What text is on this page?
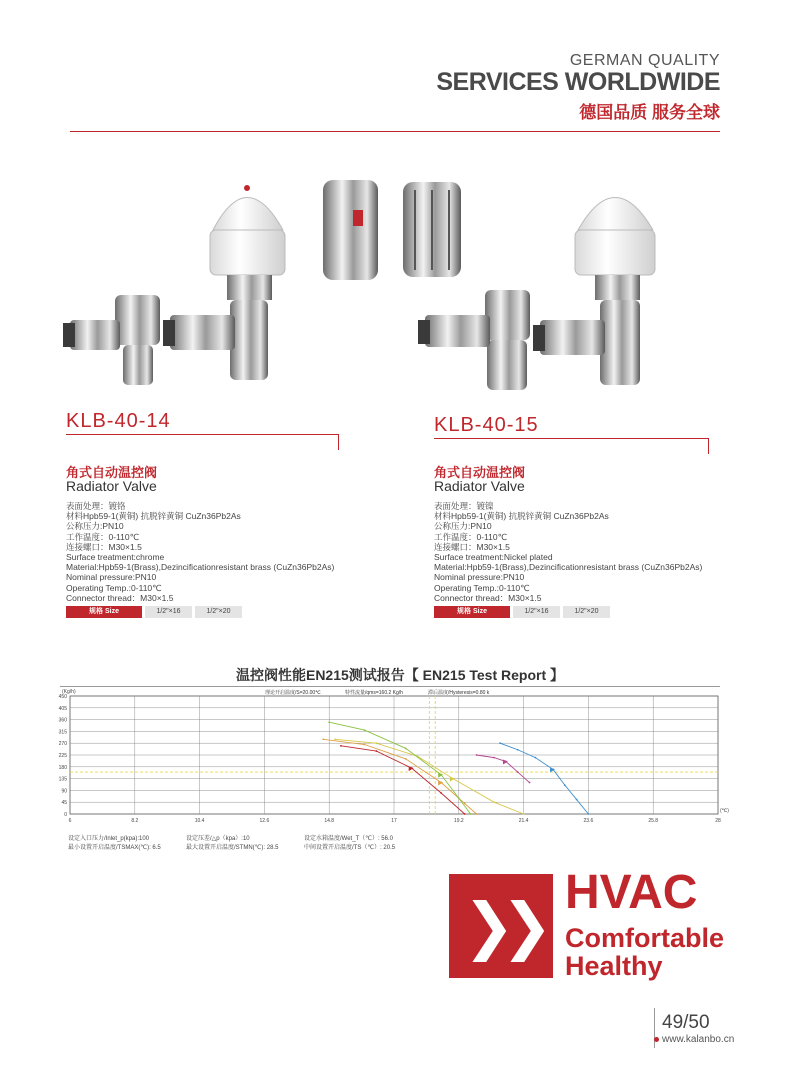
GERMAN QUALITY
SERVICES WORLDWIDE
德国品质 服务全球
KLB-40-14
角式自动温控阀
Radiator Valve
表面处理：镀铬
材料Hpb59-1(黄铜) 抗脱锌黄铜 CuZn36Pb2As
公称压力:PN10
工作温度：0-110℃
连接螺口：M30×1.5
Surface treatment:chrome
Material:Hpb59-1(Brass),Dezincificationresistant brass (CuZn36Pb2As)
Nominal pressure:PN10
Operating Temp.:0-110℃
Connector thread：M30×1.5
规格 Size	1/2"×16	1/2"×20
KLB-40-15
角式自动温控阀
Radiator Valve
表面处理：镀镍
材料Hpb59-1(黄铜) 抗脱锌黄铜 CuZn36Pb2As
公称压力:PN10
工作温度：0-110℃
连接螺口：M30×1.5
Surface treatment:Nickel plated
Material:Hpb59-1(Brass),Dezincificationresistant brass (CuZn36Pb2As)
Nominal pressure:PN10
Operating Temp.:0-110℃
Connector thread：M30×1.5
规格 Size	1/2"×16	1/2"×20
温控阀性能EN215测试报告【 EN215 Test Report 】
0
45
90
135
180
225
270
315
360
405
450
6	8.2	10.4	12.6	14.8	17	19.2	21.4	23.6	25.8	28
(Kg/h)
(℃)
理论开启温度/S=20.00℃	特性流量/qms=160.2 Kg/h	滞后温度/Hysteresis=0.80 k
设定入口压力/Inlet_p(kpa):100	设定压差/△p（kpa）:10	设定水箱温度/Wet_T（℃）: 56.0
最小设置开启温度/TSMAX(℃): 6.5	最大设置开启温度/STMN(℃): 28.5	中间设置开启温度/TS（℃）: 20.5
❯❯ HVAC
Comfortable
Healthy
49/50
www.kalanbo.cn
